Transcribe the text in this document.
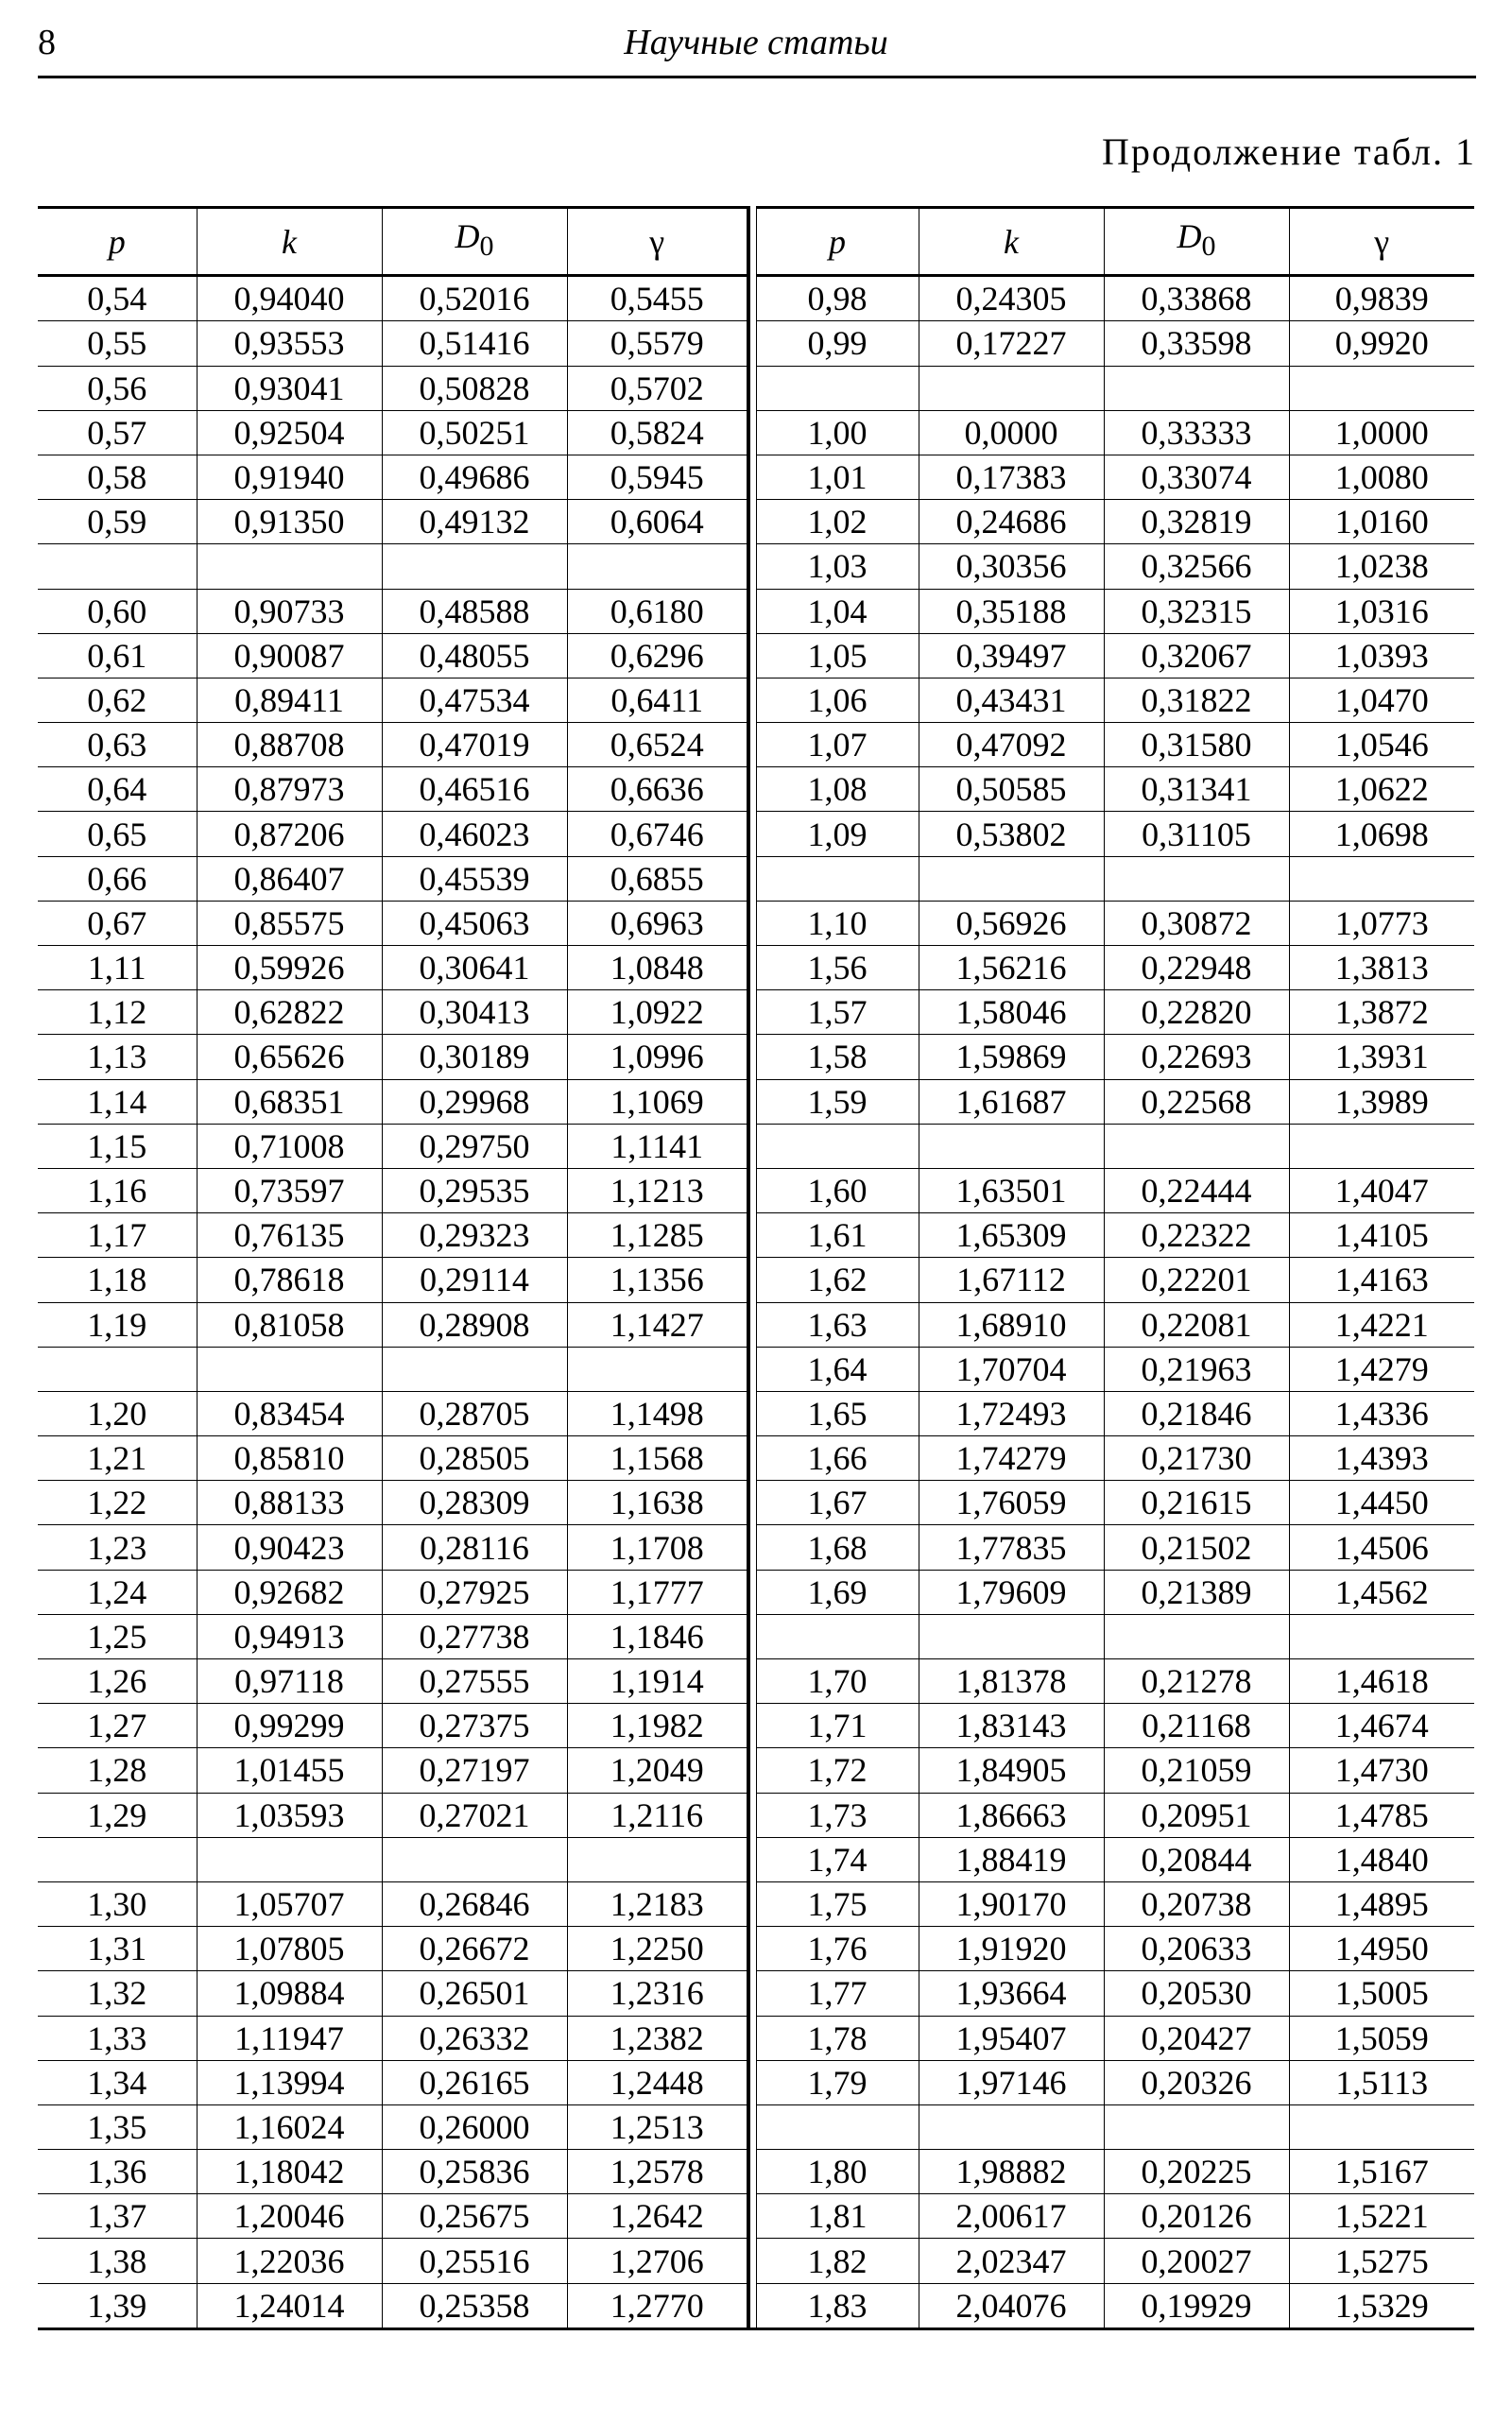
8	Научные статьи
Продолжение табл. 1
p	k	$D_0$	γ		p	k	$D_0$	γ
0,54	0,94040	0,52016	0,5455		0,98	0,24305	0,33868	0,9839
0,55	0,93553	0,51416	0,5579		0,99	0,17227	0,33598	0,9920
0,56	0,93041	0,50828	0,5702					
0,57	0,92504	0,50251	0,5824		1,00	0,0000	0,33333	1,0000
0,58	0,91940	0,49686	0,5945		1,01	0,17383	0,33074	1,0080
0,59	0,91350	0,49132	0,6064		1,02	0,24686	0,32819	1,0160
					1,03	0,30356	0,32566	1,0238
0,60	0,90733	0,48588	0,6180		1,04	0,35188	0,32315	1,0316
0,61	0,90087	0,48055	0,6296		1,05	0,39497	0,32067	1,0393
0,62	0,89411	0,47534	0,6411		1,06	0,43431	0,31822	1,0470
0,63	0,88708	0,47019	0,6524		1,07	0,47092	0,31580	1,0546
0,64	0,87973	0,46516	0,6636		1,08	0,50585	0,31341	1,0622
0,65	0,87206	0,46023	0,6746		1,09	0,53802	0,31105	1,0698
0,66	0,86407	0,45539	0,6855					
0,67	0,85575	0,45063	0,6963		1,10	0,56926	0,30872	1,0773
1,11	0,59926	0,30641	1,0848		1,56	1,56216	0,22948	1,3813
1,12	0,62822	0,30413	1,0922		1,57	1,58046	0,22820	1,3872
1,13	0,65626	0,30189	1,0996		1,58	1,59869	0,22693	1,3931
1,14	0,68351	0,29968	1,1069		1,59	1,61687	0,22568	1,3989
1,15	0,71008	0,29750	1,1141					
1,16	0,73597	0,29535	1,1213		1,60	1,63501	0,22444	1,4047
1,17	0,76135	0,29323	1,1285		1,61	1,65309	0,22322	1,4105
1,18	0,78618	0,29114	1,1356		1,62	1,67112	0,22201	1,4163
1,19	0,81058	0,28908	1,1427		1,63	1,68910	0,22081	1,4221
					1,64	1,70704	0,21963	1,4279
1,20	0,83454	0,28705	1,1498		1,65	1,72493	0,21846	1,4336
1,21	0,85810	0,28505	1,1568		1,66	1,74279	0,21730	1,4393
1,22	0,88133	0,28309	1,1638		1,67	1,76059	0,21615	1,4450
1,23	0,90423	0,28116	1,1708		1,68	1,77835	0,21502	1,4506
1,24	0,92682	0,27925	1,1777		1,69	1,79609	0,21389	1,4562
1,25	0,94913	0,27738	1,1846					
1,26	0,97118	0,27555	1,1914		1,70	1,81378	0,21278	1,4618
1,27	0,99299	0,27375	1,1982		1,71	1,83143	0,21168	1,4674
1,28	1,01455	0,27197	1,2049		1,72	1,84905	0,21059	1,4730
1,29	1,03593	0,27021	1,2116		1,73	1,86663	0,20951	1,4785
					1,74	1,88419	0,20844	1,4840
1,30	1,05707	0,26846	1,2183		1,75	1,90170	0,20738	1,4895
1,31	1,07805	0,26672	1,2250		1,76	1,91920	0,20633	1,4950
1,32	1,09884	0,26501	1,2316		1,77	1,93664	0,20530	1,5005
1,33	1,11947	0,26332	1,2382		1,78	1,95407	0,20427	1,5059
1,34	1,13994	0,26165	1,2448		1,79	1,97146	0,20326	1,5113
1,35	1,16024	0,26000	1,2513					
1,36	1,18042	0,25836	1,2578		1,80	1,98882	0,20225	1,5167
1,37	1,20046	0,25675	1,2642		1,81	2,00617	0,20126	1,5221
1,38	1,22036	0,25516	1,2706		1,82	2,02347	0,20027	1,5275
1,39	1,24014	0,25358	1,2770		1,83	2,04076	0,19929	1,5329
